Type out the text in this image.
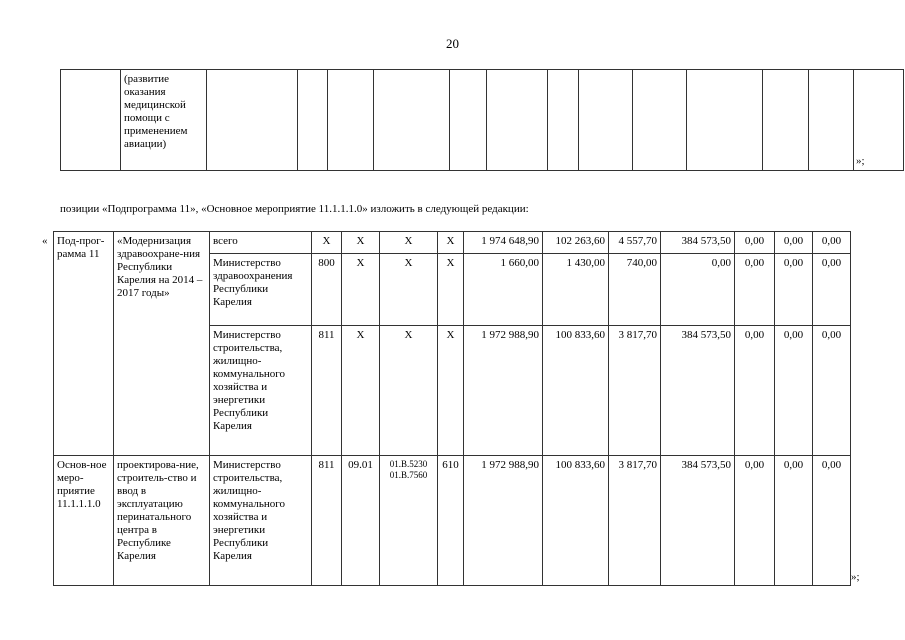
20
	(развитие оказания медицинской помощи с применением авиации)													
»;
позиции «Подпрограмма 11», «Основное мероприятие 11.1.1.1.0» изложить в следующей редакции:
« Под-прог-рамма 11	«Модернизация здравоохране-ния Республики Карелия на 2014 – 2017 годы»	всего	Х	Х	Х	Х	1 974 648,90	102 263,60	4 557,70	384 573,50	0,00	0,00	0,00
		Министерство здравоохранения Республики Карелия	800	Х	Х	Х	1 660,00	1 430,00	740,00	0,00	0,00	0,00	0,00
		Министерство строительства, жилищно-коммунального хозяйства и энергетики Республики Карелия	811	Х	Х	Х	1 972 988,90	100 833,60	3 817,70	384 573,50	0,00	0,00	0,00
Основ-ное меро-приятие 11.1.1.1.0	проектирова-ние, строитель-ство и ввод в эксплуатацию перинатального центра в Республике Карелия	Министерство строительства, жилищно-коммунального хозяйства и энергетики Республики Карелия	811	09.01	01.В.5230
01.В.7560	610	1 972 988,90	100 833,60	3 817,70	384 573,50	0,00	0,00	0,00
»;
